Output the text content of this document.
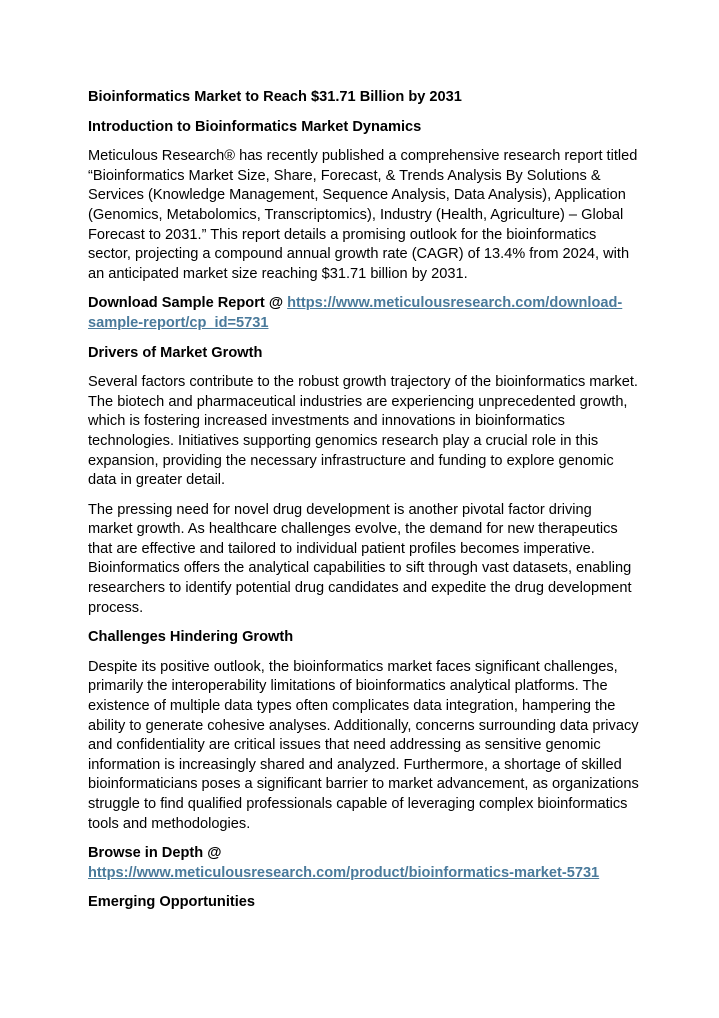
Bioinformatics Market to Reach $31.71 Billion by 2031
Introduction to Bioinformatics Market Dynamics
Meticulous Research® has recently published a comprehensive research report titled “Bioinformatics Market Size, Share, Forecast, & Trends Analysis By Solutions & Services (Knowledge Management, Sequence Analysis, Data Analysis), Application (Genomics, Metabolomics, Transcriptomics), Industry (Health, Agriculture) – Global Forecast to 2031.” This report details a promising outlook for the bioinformatics sector, projecting a compound annual growth rate (CAGR) of 13.4% from 2024, with an anticipated market size reaching $31.71 billion by 2031.
Download Sample Report @ https://www.meticulousresearch.com/download-sample-report/cp_id=5731
Drivers of Market Growth
Several factors contribute to the robust growth trajectory of the bioinformatics market. The biotech and pharmaceutical industries are experiencing unprecedented growth, which is fostering increased investments and innovations in bioinformatics technologies. Initiatives supporting genomics research play a crucial role in this expansion, providing the necessary infrastructure and funding to explore genomic data in greater detail.
The pressing need for novel drug development is another pivotal factor driving market growth. As healthcare challenges evolve, the demand for new therapeutics that are effective and tailored to individual patient profiles becomes imperative. Bioinformatics offers the analytical capabilities to sift through vast datasets, enabling researchers to identify potential drug candidates and expedite the drug development process.
Challenges Hindering Growth
Despite its positive outlook, the bioinformatics market faces significant challenges, primarily the interoperability limitations of bioinformatics analytical platforms. The existence of multiple data types often complicates data integration, hampering the ability to generate cohesive analyses. Additionally, concerns surrounding data privacy and confidentiality are critical issues that need addressing as sensitive genomic information is increasingly shared and analyzed. Furthermore, a shortage of skilled bioinformaticians poses a significant barrier to market advancement, as organizations struggle to find qualified professionals capable of leveraging complex bioinformatics tools and methodologies.
Browse in Depth @
https://www.meticulousresearch.com/product/bioinformatics-market-5731
Emerging Opportunities
